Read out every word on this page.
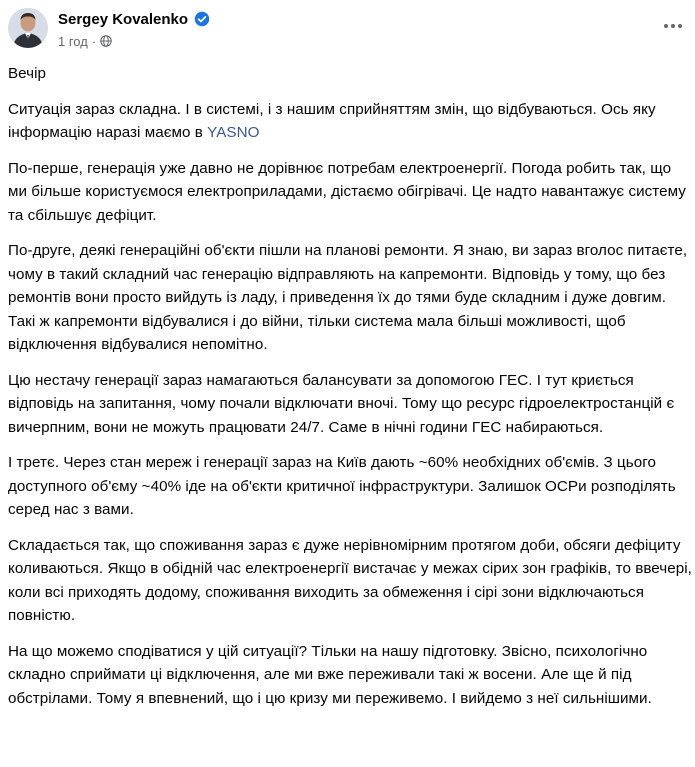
Sergey Kovalenko
1 год ·

Вечір

Ситуація зараз складна. І в системі, і з нашим сприйняттям змін, що відбуваються. Ось яку інформацію наразі маємо в YASNO

По-перше, генерація уже давно не дорівнює потребам електроенергії. Погода робить так, що ми більше користуємося електроприладами, дістаємо обігрівачі. Це надто навантажує систему та сбільшує дефіцит.

По-друге, деякі генераційні об'єкти пішли на планові ремонти. Я знаю, ви зараз вголос питаєте, чому в такий складний час генерацію відправляють на капремонти. Відповідь у тому, що без ремонтів вони просто вийдуть із ладу, і приведення їх до тями буде складним і дуже довгим. Такі ж капремонти відбувалися і до війни, тільки система мала більші можливості, щоб відключення відбувалися непомітно.

Цю нестачу генерації зараз намагаються балансувати за допомогою ГЕС. І тут криється відповідь на запитання, чому почали відключати вночі. Тому що ресурс гідроелектростанцій є вичерпним, вони не можуть працювати 24/7. Саме в нічні години ГЕС набираються.

І третє. Через стан мереж і генерації зараз на Київ дають ~60% необхідних об'ємів. З цього доступного об'єму ~40% іде на об'єкти критичної інфраструктури. Залишок ОСРи розподілять серед нас з вами.

Складається так, що споживання зараз є дуже нерівномірним протягом доби, обсяги дефіциту коливаються. Якщо в обідній час електроенергії вистачає у межах сірих зон графіків, то ввечері, коли всі приходять додому, споживання виходить за обмеження і сірі зони відключаються повністю.

На що можемо сподіватися у цій ситуації? Тільки на нашу підготовку. Звісно, психологічно складно сприймати ці відключення, але ми вже переживали такі ж восени. Але ще й під обстрілами. Тому я впевнений, що і цю кризу ми переживемо. І вийдемо з неї сильнішими.
